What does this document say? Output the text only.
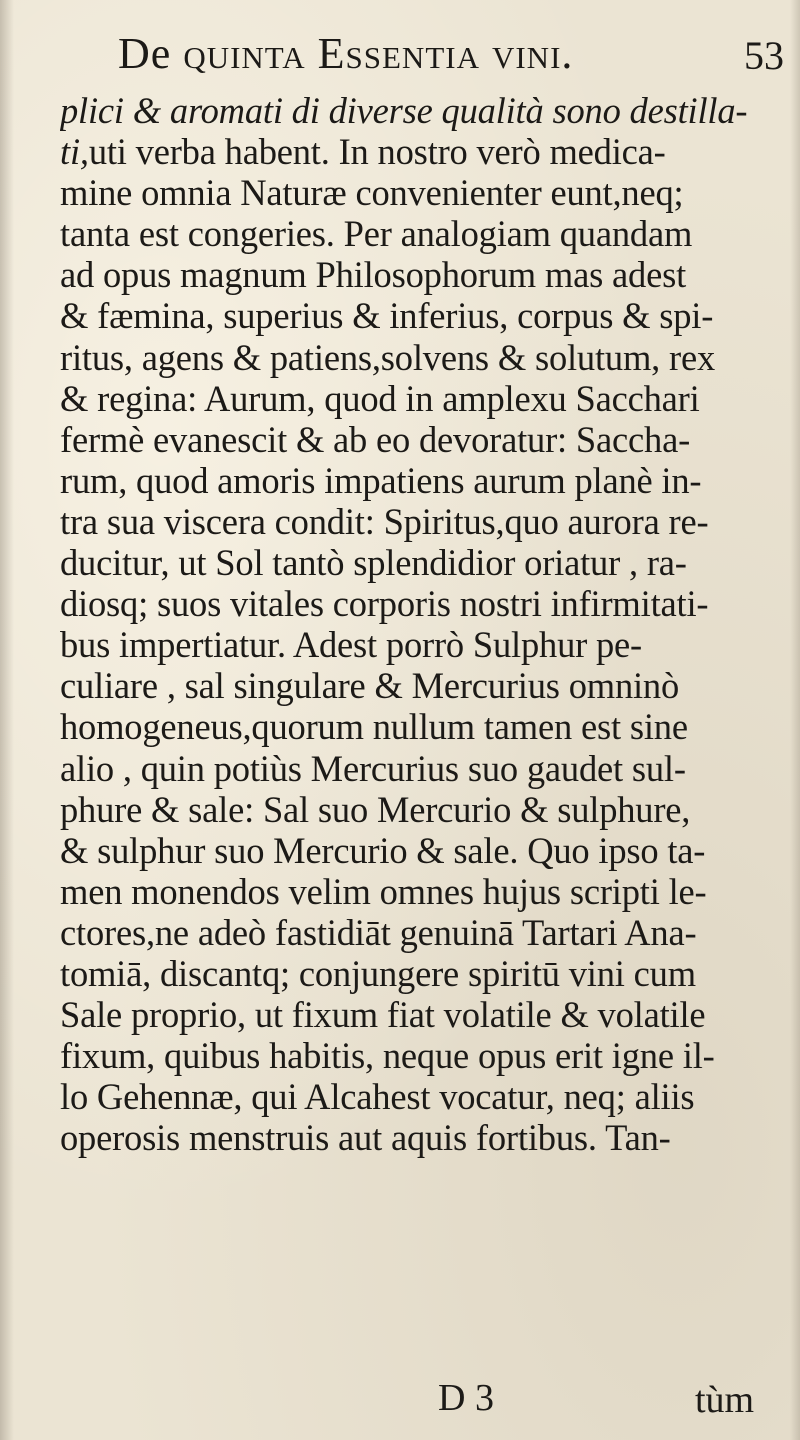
De quinta Essentia vini.	53
plici & aromati di diverse qualità sono destilla-
ti,uti verba habent. In nostro verò medica-
mine omnia Naturæ convenienter eunt,neq;
tanta est congeries. Per analogiam quandam
ad opus magnum Philosophorum mas adest
& fæmina, superius & inferius, corpus & spi-
ritus, agens & patiens,solvens & solutum, rex
& regina: Aurum, quod in amplexu Sacchari
fermè evanescit & ab eo devoratur: Saccha-
rum, quod amoris impatiens aurum planè in-
tra sua viscera condit: Spiritus,quo aurora re-
ducitur, ut Sol tantò splendidior oriatur , ra-
diosq; suos vitales corporis nostri infirmitati-
bus impertiatur. Adest porrò Sulphur pe-
culiare , sal singulare & Mercurius omninò
homogeneus,quorum nullum tamen est sine
alio , quin potiùs Mercurius suo gaudet sul-
phure & sale: Sal suo Mercurio & sulphure,
& sulphur suo Mercurio & sale. Quo ipso ta-
men monendos velim omnes hujus scripti le-
ctores,ne adeò fastidiāt genuinā Tartari Ana-
tomiā, discantq; conjungere spiritū vini cum
Sale proprio, ut fixum fiat volatile & volatile
fixum, quibus habitis, neque opus erit igne il-
lo Gehennæ, qui Alcahest vocatur, neq; aliis
operosis menstruis aut aquis fortibus. Tan-
D 3	tùm
